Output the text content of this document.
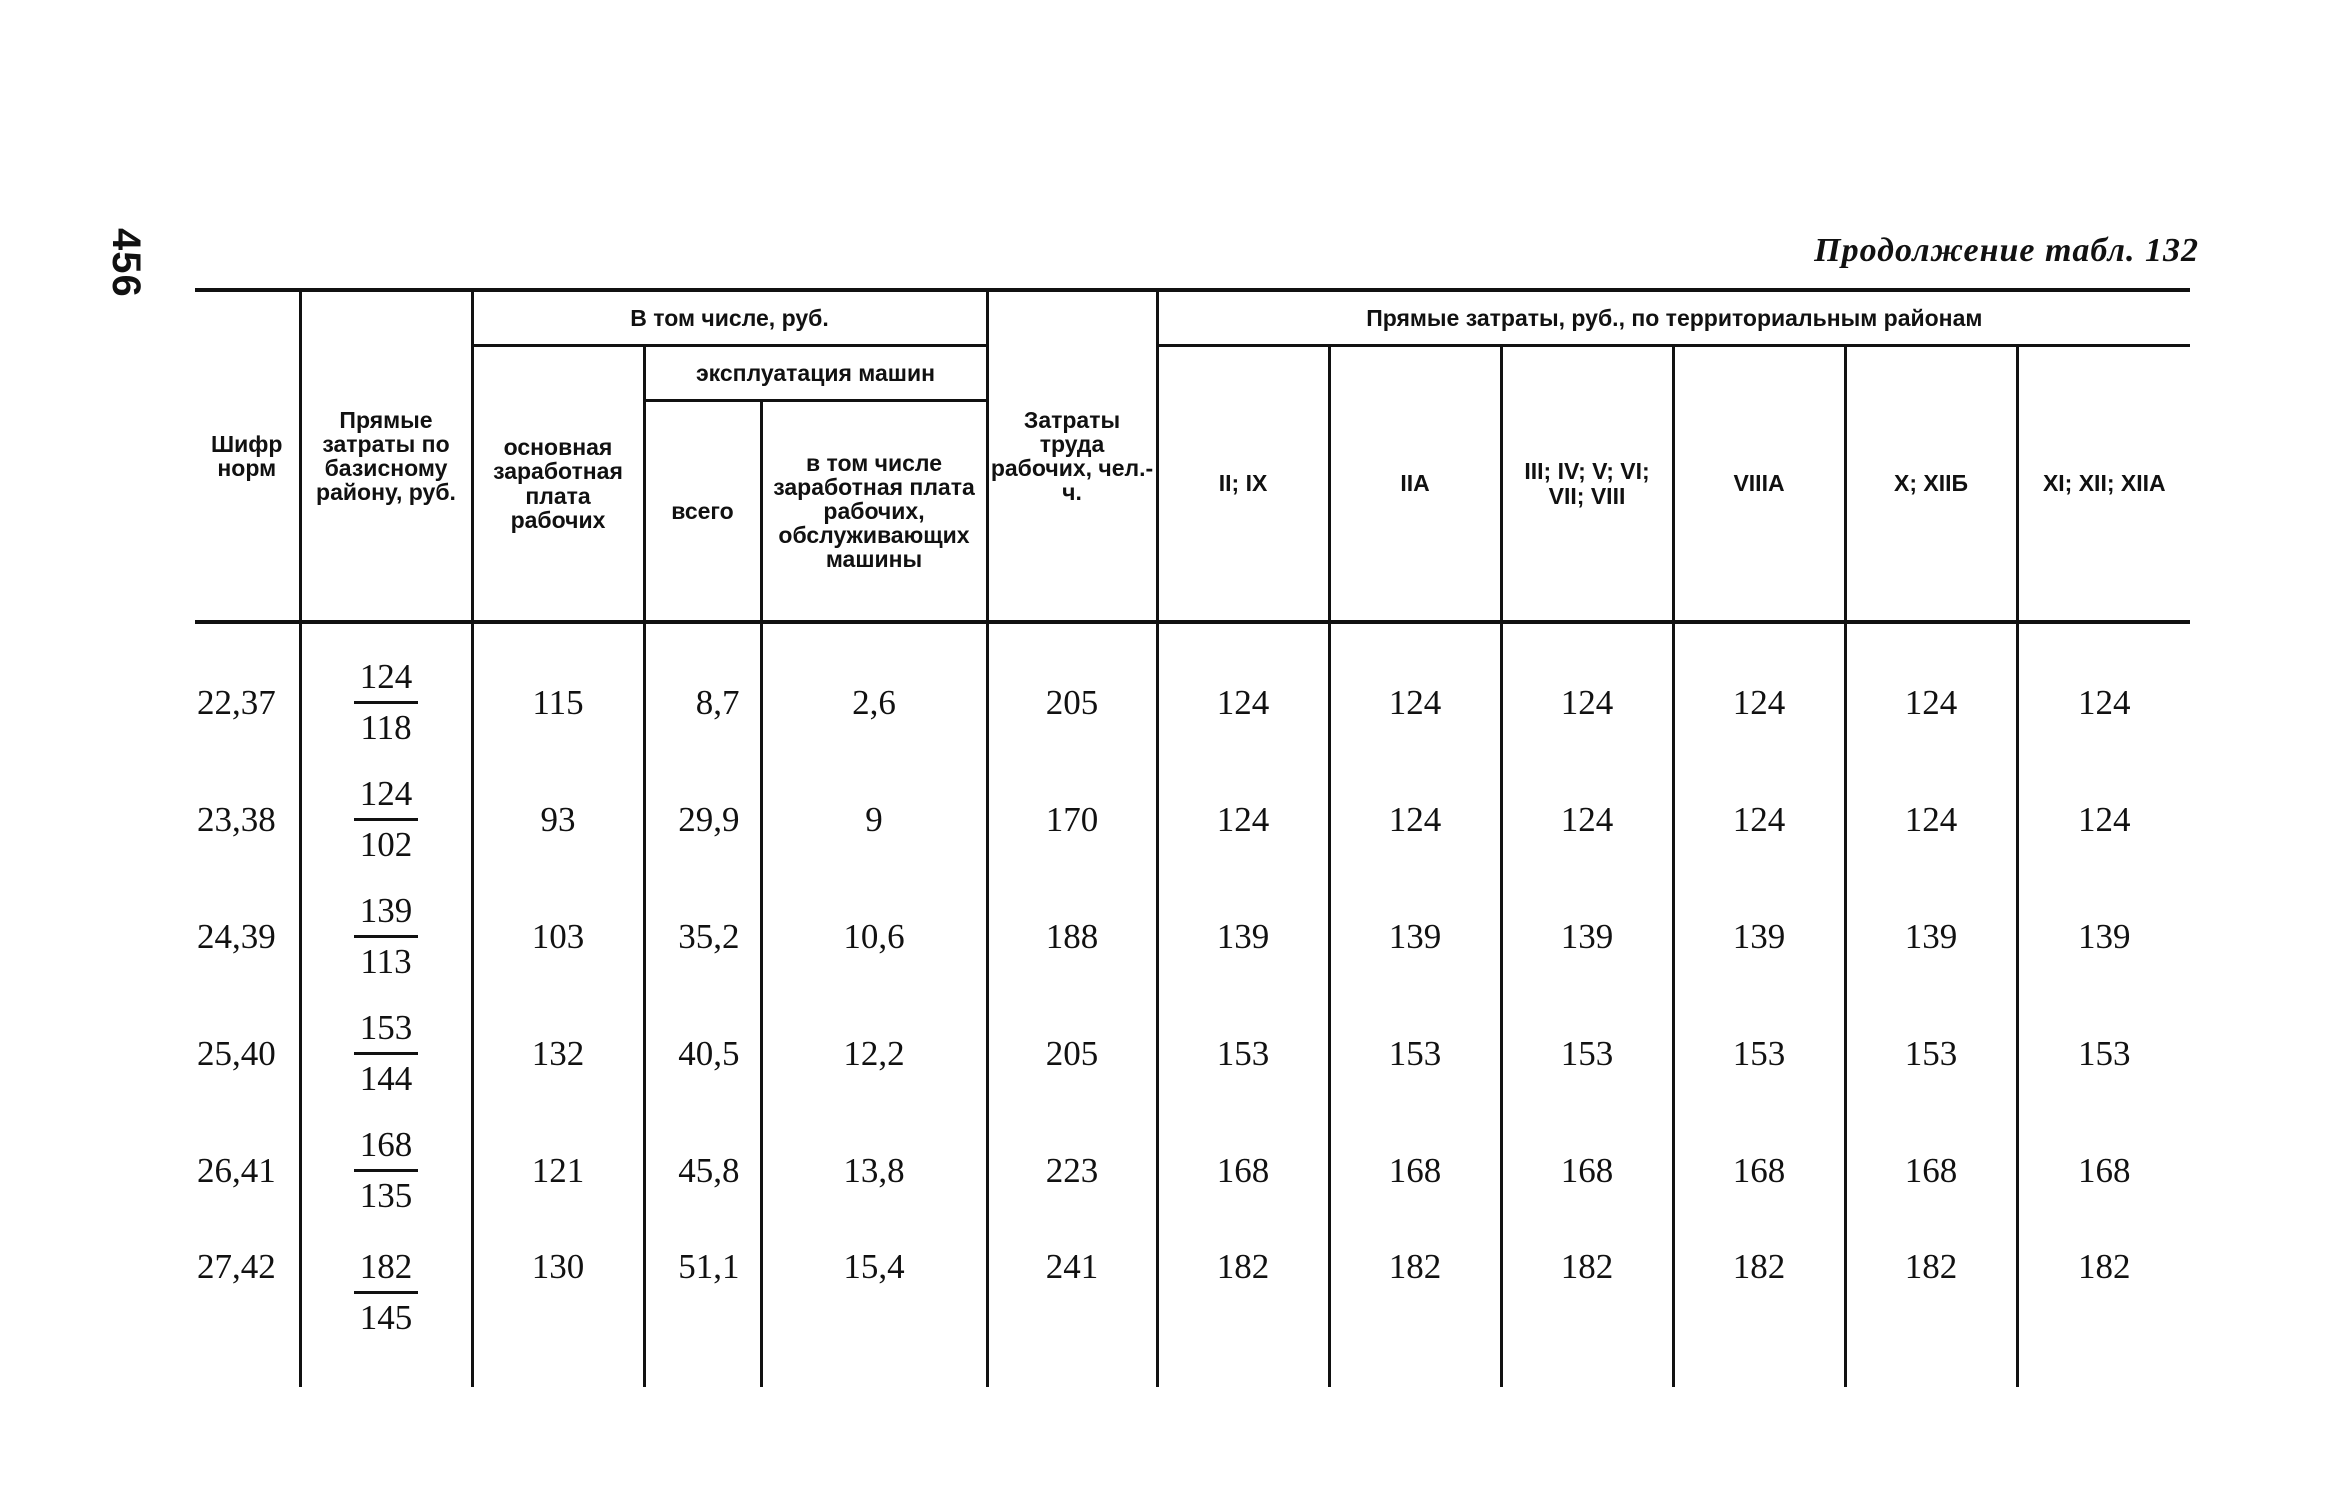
456	Продолжение табл. 132
Шифр норм	Прямые затраты по базисному району, руб.	В том числе, руб.			Затраты труда рабочих, чел.-ч.	Прямые затраты, руб., по территориальным районам					
		основная заработная плата рабочих	эксплуатация машин			II; IX	IIА	III; IV; V; VI; VII; VIII	VIIIА	X; XIIБ	XI; XII; XIIА
			всего	в том числе заработная плата рабочих, обслуживающих машины							
22,37	$\frac{124}{118}$	115	8,7	2,6	205	124	124	124	124	124	124
23,38	$\frac{124}{102}$	93	29,9	9	170	124	124	124	124	124	124
24,39	$\frac{139}{113}$	103	35,2	10,6	188	139	139	139	139	139	139
25,40	$\frac{153}{144}$	132	40,5	12,2	205	153	153	153	153	153	153
26,41	$\frac{168}{135}$	121	45,8	13,8	223	168	168	168	168	168	168
27,42	$\frac{182}{145}$	130	51,1	15,4	241	182	182	182	182	182	182
